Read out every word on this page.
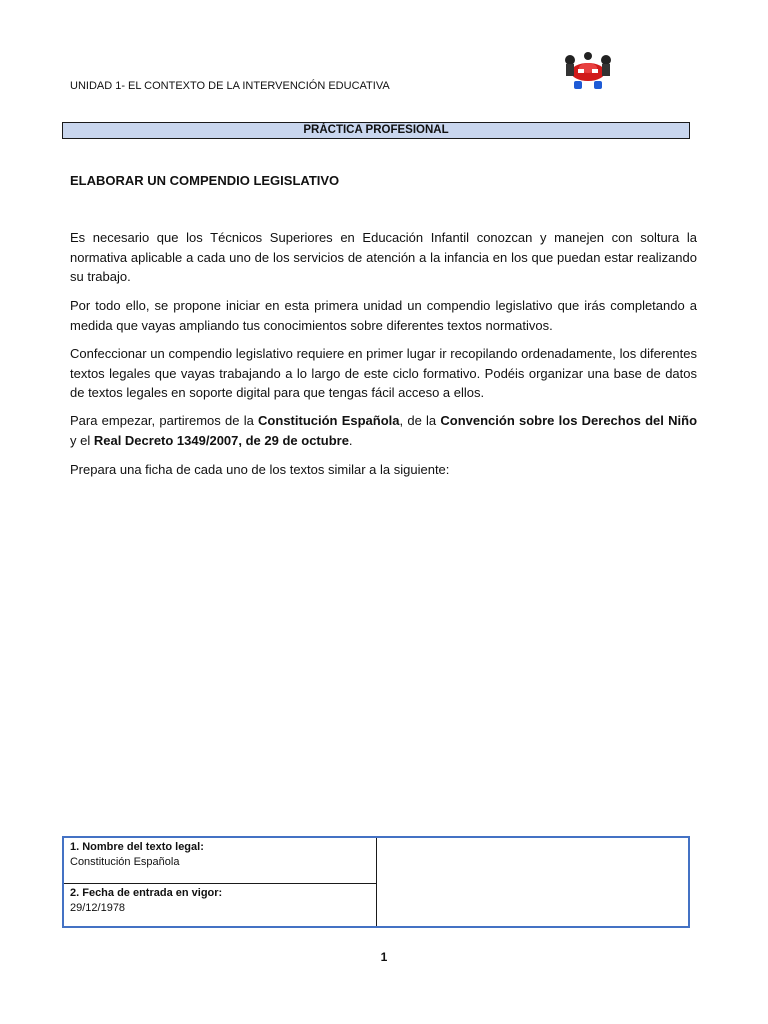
UNIDAD 1- EL CONTEXTO DE LA INTERVENCIÓN EDUCATIVA
PRÁCTICA PROFESIONAL
ELABORAR UN COMPENDIO LEGISLATIVO
Es necesario que los Técnicos Superiores en Educación Infantil conozcan y manejen con soltura la normativa aplicable a cada uno de los servicios de atención a la infancia en los que puedan estar realizando su trabajo.
Por todo ello, se propone iniciar en esta primera unidad un compendio legislativo que irás completando a medida que vayas ampliando tus conocimientos sobre diferentes textos normativos.
Confeccionar un compendio legislativo requiere en primer lugar ir recopilando ordenadamente, los diferentes textos legales que vayas trabajando a lo largo de este ciclo formativo. Podéis organizar una base de datos de textos legales en soporte digital para que tengas fácil acceso a ellos.
Para empezar, partiremos de la Constitución Española, de la Convención sobre los Derechos del Niño y el Real Decreto 1349/2007, de 29 de octubre.
Prepara una ficha de cada uno de los textos similar a la siguiente:
1. Nombre del texto legal:
Constitución Española
2. Fecha de entrada en vigor:
29/12/1978
1
